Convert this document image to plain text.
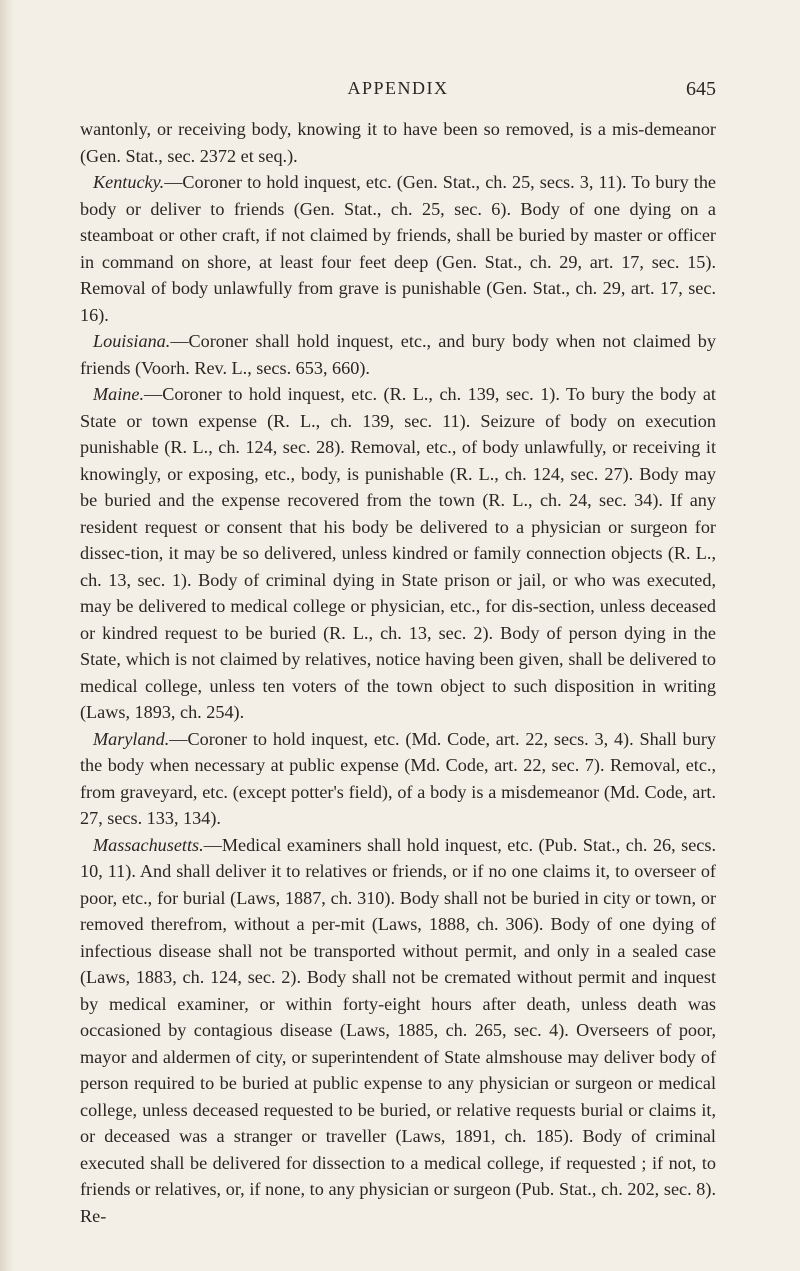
APPENDIX	645

wantonly, or receiving body, knowing it to have been so removed, is a mis-demeanor (Gen. Stat., sec. 2372 et seq.).

Kentucky.—Coroner to hold inquest, etc. (Gen. Stat., ch. 25, secs. 3, 11). To bury the body or deliver to friends (Gen. Stat., ch. 25, sec. 6). Body of one dying on a steamboat or other craft, if not claimed by friends, shall be buried by master or officer in command on shore, at least four feet deep (Gen. Stat., ch. 29, art. 17, sec. 15). Removal of body unlawfully from grave is punishable (Gen. Stat., ch. 29, art. 17, sec. 16).

Louisiana.—Coroner shall hold inquest, etc., and bury body when not claimed by friends (Voorh. Rev. L., secs. 653, 660).

Maine.—Coroner to hold inquest, etc. (R. L., ch. 139, sec. 1). To bury the body at State or town expense (R. L., ch. 139, sec. 11). Seizure of body on execution punishable (R. L., ch. 124, sec. 28). Removal, etc., of body unlawfully, or receiving it knowingly, or exposing, etc., body, is punishable (R. L., ch. 124, sec. 27). Body may be buried and the expense recovered from the town (R. L., ch. 24, sec. 34). If any resident request or consent that his body be delivered to a physician or surgeon for dissec-tion, it may be so delivered, unless kindred or family connection objects (R. L., ch. 13, sec. 1). Body of criminal dying in State prison or jail, or who was executed, may be delivered to medical college or physician, etc., for dis-section, unless deceased or kindred request to be buried (R. L., ch. 13, sec. 2). Body of person dying in the State, which is not claimed by relatives, notice having been given, shall be delivered to medical college, unless ten voters of the town object to such disposition in writing (Laws, 1893, ch. 254).

Maryland.—Coroner to hold inquest, etc. (Md. Code, art. 22, secs. 3, 4). Shall bury the body when necessary at public expense (Md. Code, art. 22, sec. 7). Removal, etc., from graveyard, etc. (except potter's field), of a body is a misdemeanor (Md. Code, art. 27, secs. 133, 134).

Massachusetts.—Medical examiners shall hold inquest, etc. (Pub. Stat., ch. 26, secs. 10, 11). And shall deliver it to relatives or friends, or if no one claims it, to overseer of poor, etc., for burial (Laws, 1887, ch. 310). Body shall not be buried in city or town, or removed therefrom, without a per-mit (Laws, 1888, ch. 306). Body of one dying of infectious disease shall not be transported without permit, and only in a sealed case (Laws, 1883, ch. 124, sec. 2). Body shall not be cremated without permit and inquest by medical examiner, or within forty-eight hours after death, unless death was occasioned by contagious disease (Laws, 1885, ch. 265, sec. 4). Overseers of poor, mayor and aldermen of city, or superintendent of State almshouse may deliver body of person required to be buried at public expense to any physician or surgeon or medical college, unless deceased requested to be buried, or relative requests burial or claims it, or deceased was a stranger or traveller (Laws, 1891, ch. 185). Body of criminal executed shall be delivered for dissection to a medical college, if requested ; if not, to friends or relatives, or, if none, to any physician or surgeon (Pub. Stat., ch. 202, sec. 8). Re-
